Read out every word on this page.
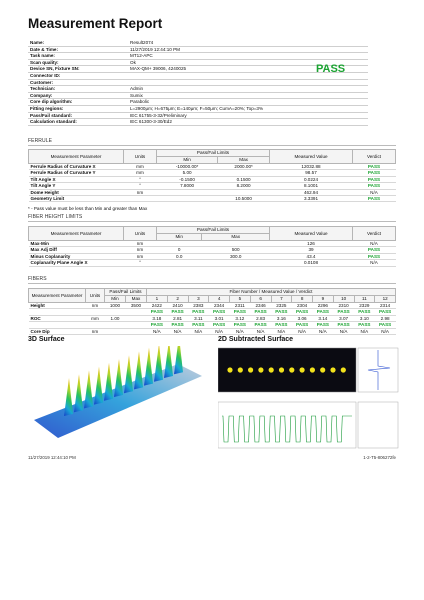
Measurement Report
Name:	Result2074
Date & Time:	11/27/2019 12:44:10 PM
Task name:	MT12-APC
Scan quality:	Ok
Device SN, Fixture SN:	MAX-QM+ 39006, 4240025
Connector ID:	
Customer:	
Technician:	Admin
Company:	Sumix
Core dip algorithm:	Parabolic
Fitting regions:	L=2900μm; H=675μm; E=140μm; F=50μm; CumA=20%; Top=3%
Pass/Fail standard:	IEC 61755-3-32/Preliminary
Calculation standard:	IEC 61300-3-30/Ed2
PASS
FERRULE
Measurement Parameter	Units	Pass/Fail Limits		Measured Value	Verdict
		Min	Max		
Ferrule Radius of Curvature X	mm	-10000.00*	2000.00*	12032.88	PASS
Ferrule Radius of Curvature Y	mm	5.00		98.57	PASS
Tilt Angle X	°	-0.1500	0.1500	0.0224	PASS
Tilt Angle Y	°	7.8000	8.2000	8.1001	PASS
Dome Height	nm			462.94	N/A
Geometry Limit			10.5000	3.3391	PASS
* - Pass value must be less than Min and greater than Max
FIBER HEIGHT LIMITS
Measurement Parameter	Units	Pass/Fail Limits		Measured Value	Verdict
		Min	Max		
Max-Min	nm			126	N/A
Max Adj Diff	nm	0	500	39	PASS
Minus Coplanarity	nm	0.0	300.0	43.4	PASS
Coplanarity Plane Angle X	°			0.0108	N/A
FIBERS
Measurement Parameter	Units	Pass/Fail Limits		Fiber Number / Measured Value / Verdict											
		Min	Max	1	2	3	4	5	6	7	8	9	10	11	12
Height	nm	1000	3500	2422	2410	2383	2344	2311	2346	2325	2304	2296	2310	2329	2314
				PASS	PASS	PASS	PASS	PASS	PASS	PASS	PASS	PASS	PASS	PASS	PASS
ROC	mm	1.00		3.18	2.81	3.11	3.01	3.12	2.83	3.16	3.06	3.14	3.07	3.10	2.98
				PASS	PASS	PASS	PASS	PASS	PASS	PASS	PASS	PASS	PASS	PASS	PASS
Core Dip	nm			N/A	N/A	N/A	N/A	N/A	N/A	N/A	N/A	N/A	N/A	N/A	N/A
3D Surface	2D Subtracted Surface
11/27/2019 12:44:10 PM	1-2-T5-806272fe
